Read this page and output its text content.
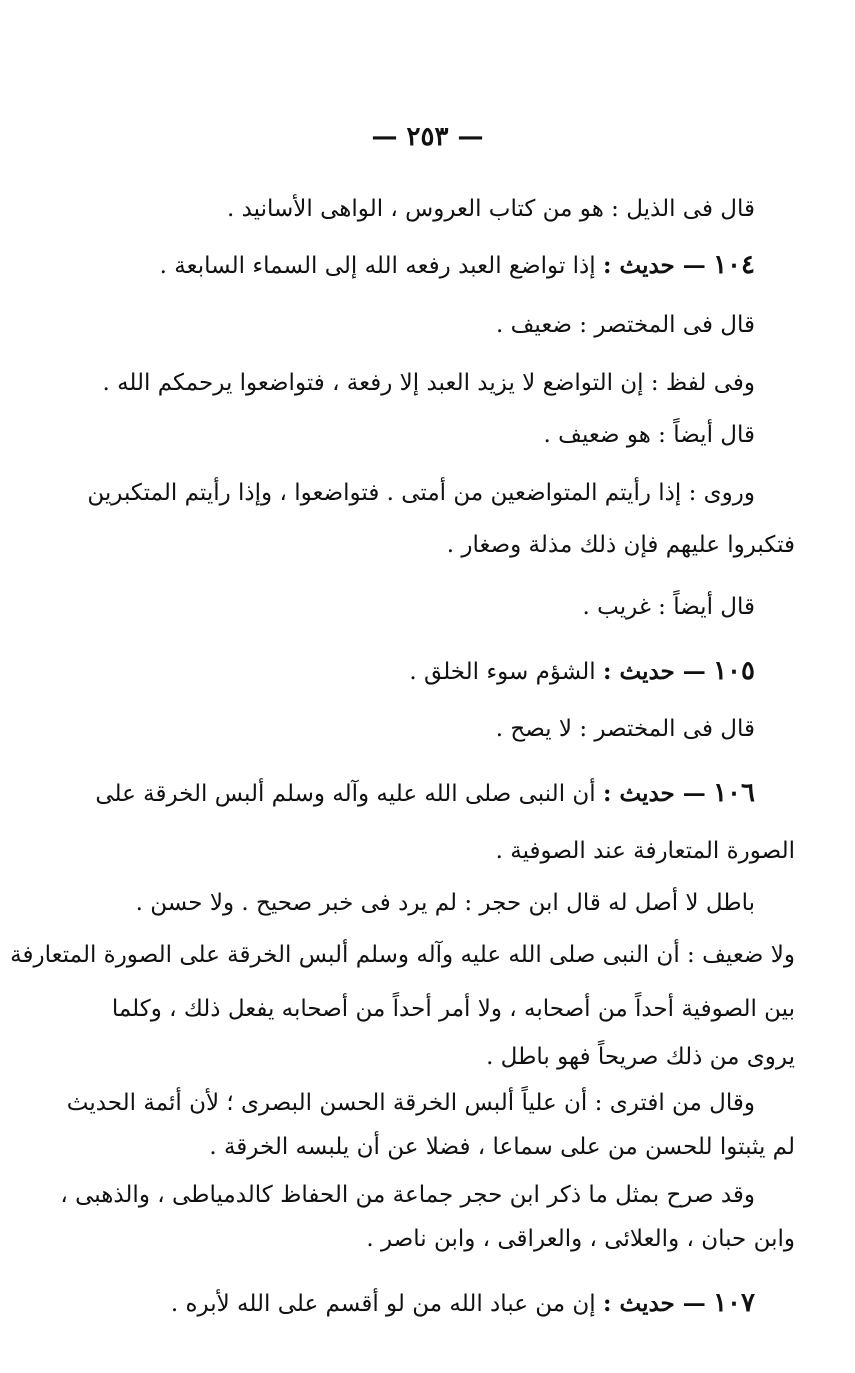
— ٢٥٣ —
قال فى الذيل : هو من كتاب العروس ، الواهى الأسانيد .
١٠٤ — حديث : إذا تواضع العبد رفعه الله إلى السماء السابعة .
قال فى المختصر : ضعيف .
وفى لفظ : إن التواضع لا يزيد العبد إلا رفعة ، فتواضعوا يرحمكم الله .
قال أيضاً : هو ضعيف .
وروى : إذا رأيتم المتواضعين من أمتى . فتواضعوا ، وإذا رأيتم المتكبرين
فتكبروا عليهم فإن ذلك مذلة وصغار .
قال أيضاً : غريب .
١٠٥ — حديث : الشؤم سوء الخلق .
قال فى المختصر : لا يصح .
١٠٦ — حديث : أن النبى صلى الله عليه وآله وسلم ألبس الخرقة على
الصورة المتعارفة عند الصوفية .
باطل لا أصل له قال ابن حجر : لم يرد فى خبر صحيح . ولا حسن .
ولا ضعيف : أن النبى صلى الله عليه وآله وسلم ألبس الخرقة على الصورة المتعارفة
بين الصوفية أحداً من أصحابه ، ولا أمر أحداً من أصحابه يفعل ذلك ، وكلما
يروى من ذلك صريحاً فهو باطل .
وقال من افترى : أن علياً ألبس الخرقة الحسن البصرى ؛ لأن أئمة الحديث
لم يثبتوا للحسن من على سماعا ، فضلا عن أن يلبسه الخرقة .
وقد صرح بمثل ما ذكر ابن حجر جماعة من الحفاظ كالدمياطى ، والذهبى ،
وابن حبان ، والعلائى ، والعراقى ، وابن ناصر .
١٠٧ — حديث : إن من عباد الله من لو أقسم على الله لأبره .
